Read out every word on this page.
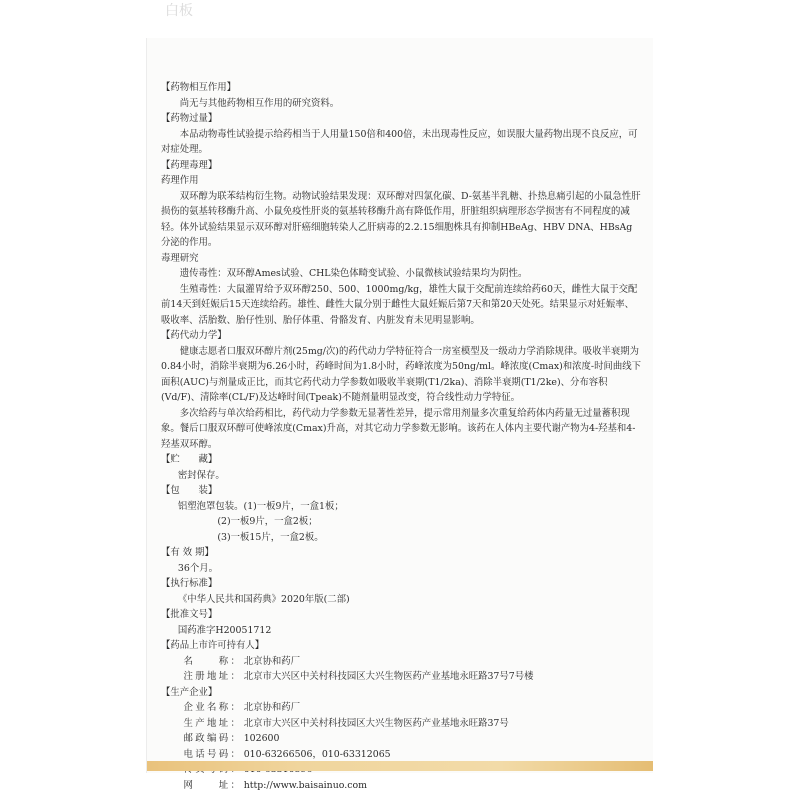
白板

【药物相互作用】

尚无与其他药物相互作用的研究资料。

【药物过量】

本品动物毒性试验提示给药相当于人用量150倍和400倍，未出现毒性反应，如误服大量药物出现不良反应，可对症处理。

【药理毒理】

药理作用

双环醇为联苯结构衍生物。动物试验结果发现：双环醇对四氯化碳、D-氨基半乳糖、扑热息痛引起的小鼠急性肝损伤的氨基转移酶升高、小鼠免疫性肝炎的氨基转移酶升高有降低作用，肝脏组织病理形态学损害有不同程度的减轻。体外试验结果显示双环醇对肝癌细胞转染人乙肝病毒的2.2.15细胞株具有抑制HBeAg、HBV DNA、HBsAg分泌的作用。

毒理研究

遗传毒性：双环醇Ames试验、CHL染色体畸变试验、小鼠微核试验结果均为阴性。

生殖毒性：大鼠灌胃给予双环醇250、500、1000mg/kg，雄性大鼠于交配前连续给药60天，雌性大鼠于交配前14天到妊娠后15天连续给药。雄性、雌性大鼠分别于雌性大鼠妊娠后第7天和第20天处死。结果显示对妊娠率、吸收率、活胎数、胎仔性别、胎仔体重、骨骼发育、内脏发育未见明显影响。

【药代动力学】

健康志愿者口服双环醇片剂(25mg/次)的药代动力学特征符合一房室模型及一级动力学消除规律。吸收半衰期为0.84小时，消除半衰期为6.26小时，药峰时间为1.8小时，药峰浓度为50ng/ml。峰浓度(Cmax)和浓度-时间曲线下面积(AUC)与剂量成正比，而其它药代动力学参数如吸收半衰期(T1/2ka)、消除半衰期(T1/2ke)、分布容积(Vd/F)、清除率(CL/F)及达峰时间(Tpeak)不随剂量明显改变，符合线性动力学特征。

多次给药与单次给药相比，药代动力学参数无显著性差异，提示常用剂量多次重复给药体内药量无过量蓄积现象。餐后口服双环醇可使峰浓度(Cmax)升高，对其它动力学参数无影响。该药在人体内主要代谢产物为4-羟基和4-羟基双环醇。

【贮　　藏】

密封保存。

【包　　装】

铝塑泡罩包装。(1)一板9片，一盒1板；

(2)一板9片，一盒2板；

(3)一板15片，一盒2板。

【有 效 期】

36个月。

【执行标准】

《中华人民共和国药典》2020年版(二部)

【批准文号】

国药准字H20051712

【药品上市许可持有人】

名　　称： 北京协和药厂
注册地址： 北京市大兴区中关村科技园区大兴生物医药产业基地永旺路37号7号楼

【生产企业】

企业名称： 北京协和药厂
生产地址： 北京市大兴区中关村科技园区大兴生物医药产业基地永旺路37号
邮政编码： 102600
电话号码： 010-63266506，010-63312065
网　　址： http://www.baisainuo.com
